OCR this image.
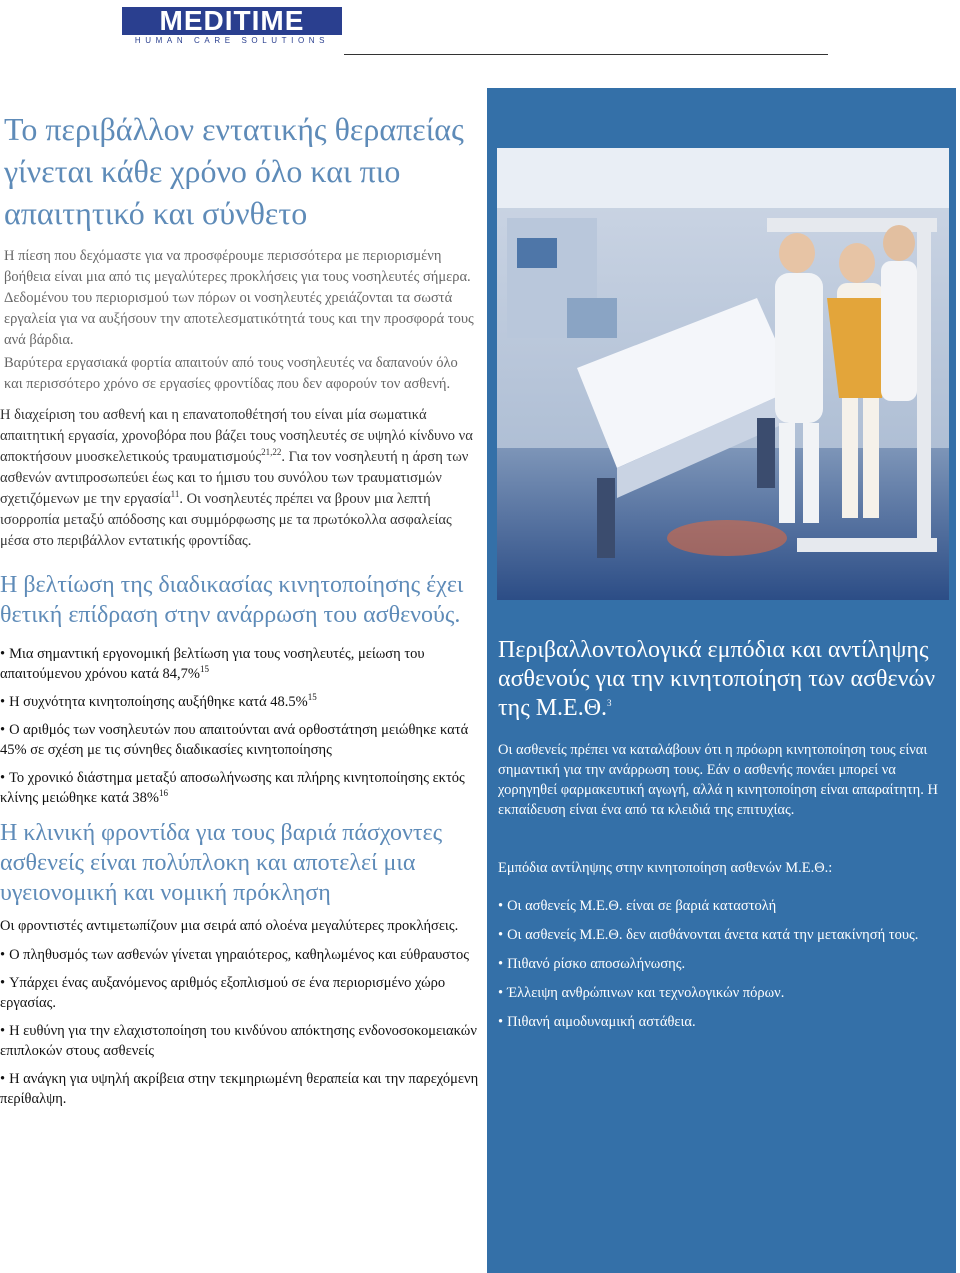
MEDITIME
HUMAN CARE SOLUTIONS
Το περιβάλλον εντατικής θεραπείας γίνεται κάθε χρόνο όλο και πιο απαιτητικό και σύνθετο

Η πίεση που δεχόμαστε για να προσφέρουμε περισσότερα με περιορισμένη βοήθεια είναι μια από τις μεγαλύτερες προκλήσεις για τους νοσηλευτές σήμερα. Δεδομένου του περιορισμού των πόρων οι νοσηλευτές χρειάζονται τα σωστά εργαλεία για να αυξήσουν την αποτελεσματικότητά τους και την προσφορά τους ανά βάρδια.

Βαρύτερα εργασιακά φορτία απαιτούν από τους νοσηλευτές να δαπανούν όλο και περισσότερο χρόνο σε εργασίες φροντίδας που δεν αφορούν τον ασθενή.

Η διαχείριση του ασθενή και η επανατοποθέτησή του είναι μία σωματικά απαιτητική εργασία, χρονοβόρα που βάζει τους νοσηλευτές σε υψηλό κίνδυνο να αποκτήσουν μυοσκελετικούς τραυματισμούς$^{21,22}$. Για τον νοσηλευτή η άρση των ασθενών αντιπροσωπεύει έως και το ήμισυ του συνόλου των τραυματισμών σχετιζόμενων με την εργασία$^{11}$. Οι νοσηλευτές πρέπει να βρουν μια λεπτή ισορροπία μεταξύ απόδοσης και συμμόρφωσης με τα πρωτόκολλα ασφαλείας μέσα στο περιβάλλον εντατικής φροντίδας.

Η βελτίωση της διαδικασίας κινητοποίησης έχει θετική επίδραση στην ανάρρωση του ασθενούς.
• Μια σημαντική εργονομική βελτίωση για τους νοσηλευτές, μείωση του απαιτούμενου χρόνου κατά 84,7%$^{15}$
• Η συχνότητα κινητοποίησης αυξήθηκε κατά 48.5%$^{15}$
• Ο αριθμός των νοσηλευτών που απαιτούνται ανά ορθοστάτηση μειώθηκε κατά 45% σε σχέση με τις σύνηθες διαδικασίες κινητοποίησης
• Το χρονικό διάστημα μεταξύ αποσωλήνωσης και πλήρης κινητοποίησης εκτός κλίνης μειώθηκε κατά 38%$^{16}$
Η κλινική φροντίδα για τους βαριά πάσχοντες ασθενείς είναι πολύπλοκη και αποτελεί μια υγειονομική και νομική πρόκληση

Οι φροντιστές αντιμετωπίζουν μια σειρά από ολοένα μεγαλύτερες προκλήσεις.

• Ο πληθυσμός των ασθενών γίνεται γηραιότερος, καθηλωμένος και εύθραυστος
• Υπάρχει ένας αυξανόμενος αριθμός εξοπλισμού σε ένα περιορισμένο χώρο εργασίας.
• Η ευθύνη για την ελαχιστοποίηση του κινδύνου απόκτησης ενδονοσοκομειακών επιπλοκών στους ασθενείς
• Η ανάγκη για υψηλή ακρίβεια στην τεκμηριωμένη θεραπεία και την παρεχόμενη περίθαλψη.
Περιβαλλοντολογικά εμπόδια και αντίληψης ασθενούς για την κινητοποίηση των ασθενών της Μ.Ε.Θ.$^3$

Οι ασθενείς πρέπει να καταλάβουν ότι η πρόωρη κινητοποίηση τους είναι σημαντική για την ανάρρωση τους. Εάν ο ασθενής πονάει μπορεί να χορηγηθεί φαρμακευτική αγωγή, αλλά η κινητοποίηση είναι απαραίτητη. Η εκπαίδευση είναι ένα από τα κλειδιά της επιτυχίας.

Εμπόδια αντίληψης στην κινητοποίηση ασθενών Μ.Ε.Θ.:

• Οι ασθενείς Μ.Ε.Θ. είναι σε βαριά καταστολή
• Οι ασθενείς Μ.Ε.Θ. δεν αισθάνονται άνετα κατά την μετακίνησή τους.
• Πιθανό ρίσκο αποσωλήνωσης.
• Έλλειψη ανθρώπινων και τεχνολογικών πόρων.
• Πιθανή αιμοδυναμική αστάθεια.
